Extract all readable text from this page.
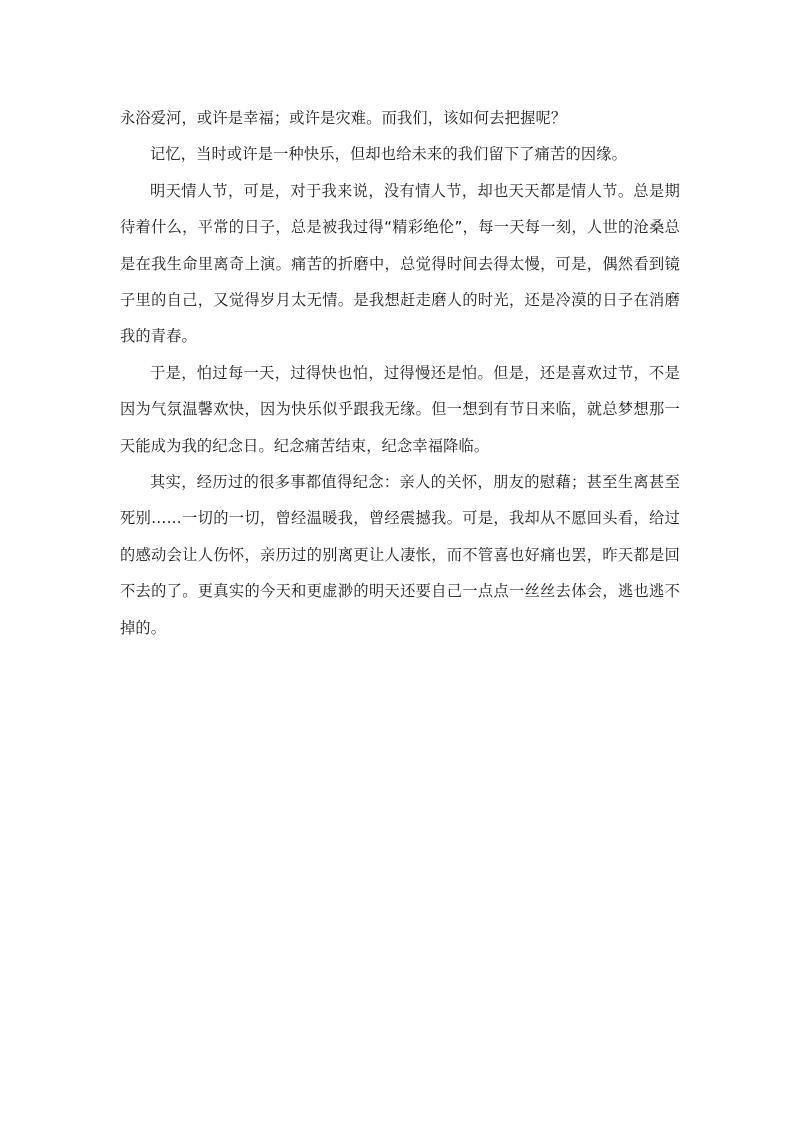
永浴爱河，或许是幸福；或许是灾难。而我们，该如何去把握呢？

记忆，当时或许是一种快乐，但却也给未来的我们留下了痛苦的因缘。

明天情人节，可是，对于我来说，没有情人节，却也天天都是情人节。总是期待着什么，平常的日子，总是被我过得“精彩绝伦”，每一天每一刻，人世的沧桑总是在我生命里离奇上演。痛苦的折磨中，总觉得时间去得太慢，可是，偶然看到镜子里的自己，又觉得岁月太无情。是我想赶走磨人的时光，还是冷漠的日子在消磨我的青春。

于是，怕过每一天，过得快也怕，过得慢还是怕。但是，还是喜欢过节，不是因为气氛温馨欢快，因为快乐似乎跟我无缘。但一想到有节日来临，就总梦想那一天能成为我的纪念日。纪念痛苦结束，纪念幸福降临。

其实，经历过的很多事都值得纪念：亲人的关怀，朋友的慰藉；甚至生离甚至死别……一切的一切，曾经温暖我，曾经震撼我。可是，我却从不愿回头看，给过的感动会让人伤怀，亲历过的别离更让人凄怅，而不管喜也好痛也罢，昨天都是回不去的了。更真实的今天和更虚渺的明天还要自己一点点一丝丝去体会，逃也逃不掉的。
